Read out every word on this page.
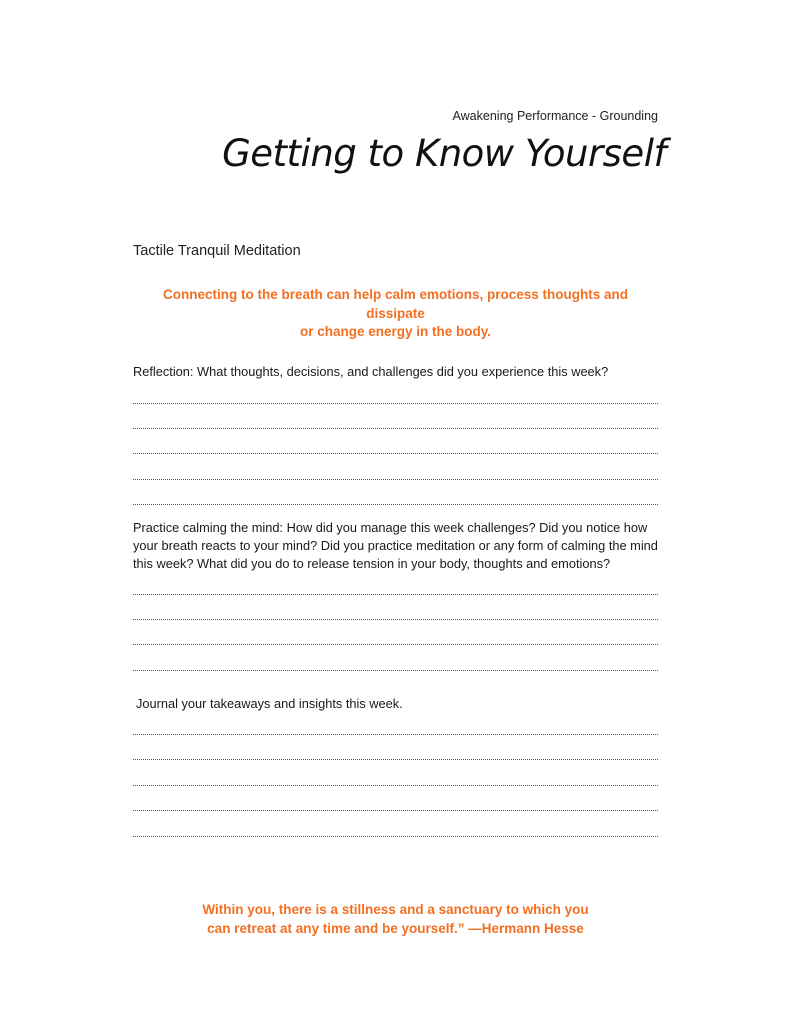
Awakening Performance - Grounding
Getting to Know Yourself
Tactile Tranquil Meditation
Connecting to the breath can help calm emotions, process thoughts and dissipate
or change energy in the body.
Reflection: What thoughts, decisions, and challenges did you experience this week?
Practice calming the mind: How did you manage this week challenges? Did you notice how your breath reacts to your mind? Did you practice meditation or any form of calming the mind this week? What did you do to release tension in your body, thoughts and emotions?
Journal your takeaways and insights this week.
Within you, there is a stillness and a sanctuary to which you
can retreat at any time and be yourself.” —Hermann Hesse
